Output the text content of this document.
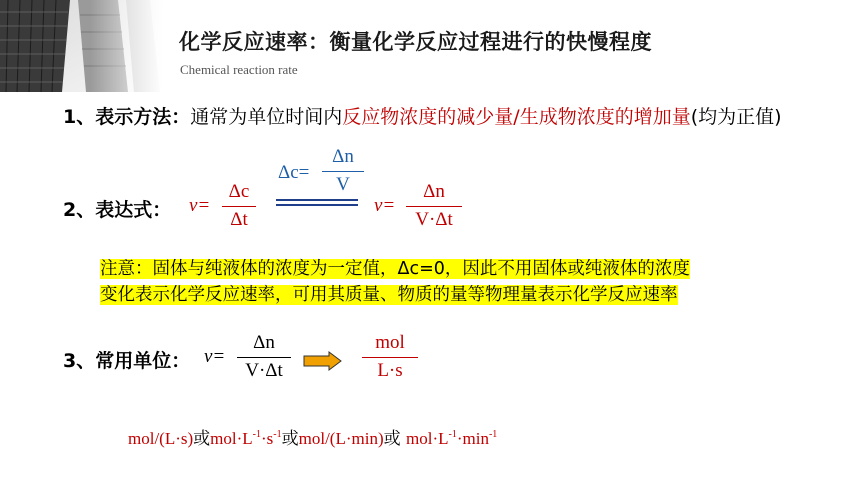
化学反应速率：衡量化学反应过程进行的快慢程度
Chemical reaction rate
1、表示方法：通常为单位时间内反应物浓度的减少量/生成物浓度的增加量(均为正值)
2、表达式： v=
Δc
Δt
Δc=
Δn
V
v=
Δn
V·Δt
注意：固体与纯液体的浓度为一定值，Δc=0，因此不用固体或纯液体的浓度
变化表示化学反应速率，可用其质量、物质的量等物理量表示化学反应速率
3、常用单位： v=
Δn
V·Δt
mol
L·s
mol/(L·s)或$mol\cdot L^{-1}\cdot s^{-1}$或mol/(L·min)或 $mol\cdot L^{-1}\cdot\min^{-1}$
